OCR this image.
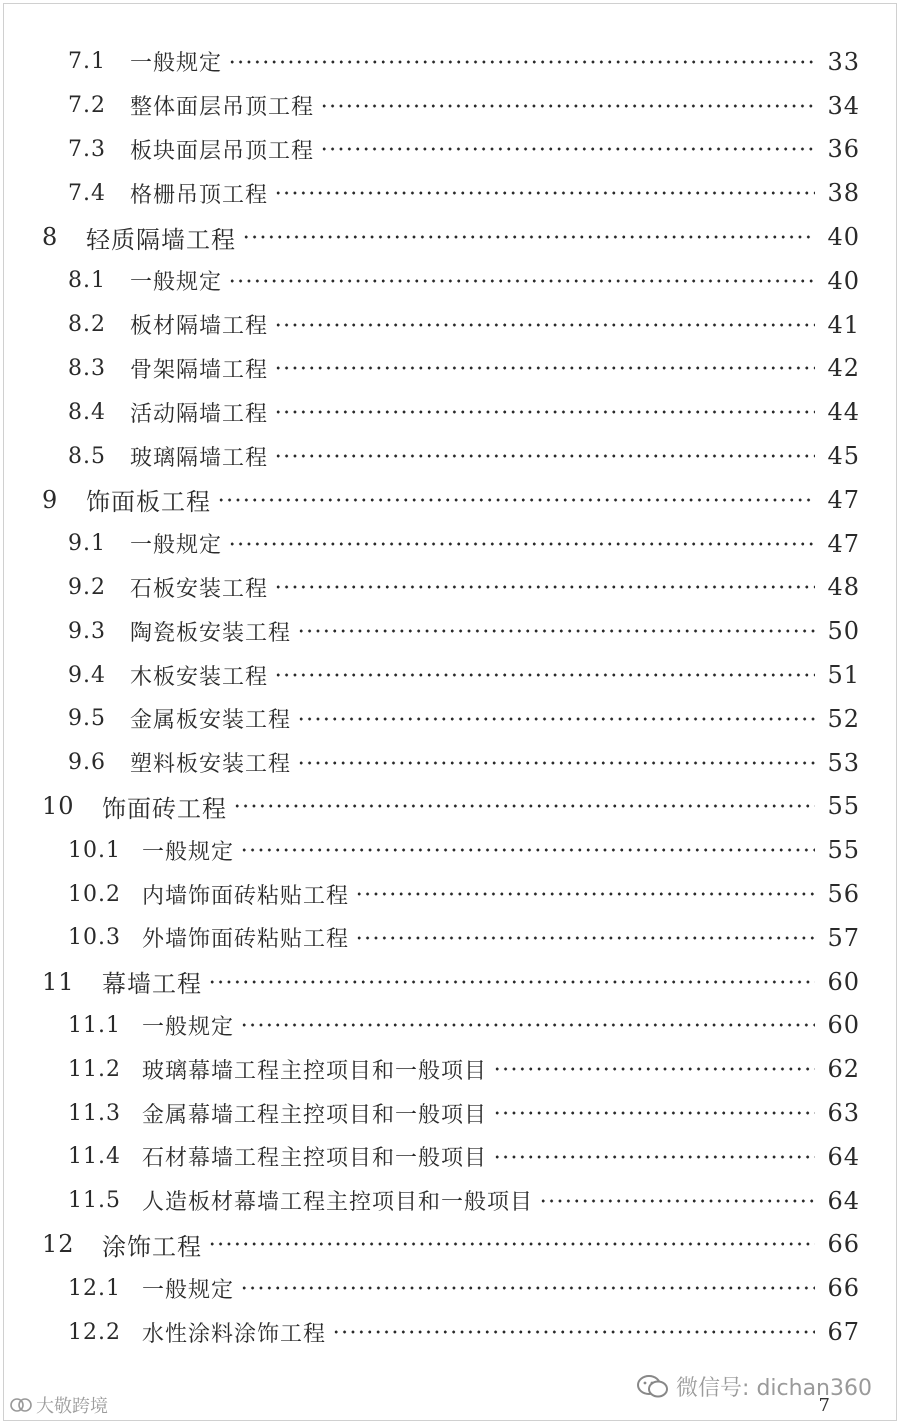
7.1 一般规定	33
7.2 整体面层吊顶工程	34
7.3 板块面层吊顶工程	36
7.4 格栅吊顶工程	38
8 轻质隔墙工程	40
8.1 一般规定	40
8.2 板材隔墙工程	41
8.3 骨架隔墙工程	42
8.4 活动隔墙工程	44
8.5 玻璃隔墙工程	45
9 饰面板工程	47
9.1 一般规定	47
9.2 石板安装工程	48
9.3 陶瓷板安装工程	50
9.4 木板安装工程	51
9.5 金属板安装工程	52
9.6 塑料板安装工程	53
10 饰面砖工程	55
10.1 一般规定	55
10.2 内墙饰面砖粘贴工程	56
10.3 外墙饰面砖粘贴工程	57
11 幕墙工程	60
11.1 一般规定	60
11.2 玻璃幕墙工程主控项目和一般项目	62
11.3 金属幕墙工程主控项目和一般项目	63
11.4 石材幕墙工程主控项目和一般项目	64
11.5 人造板材幕墙工程主控项目和一般项目	64
12 涂饰工程	66
12.1 一般规定	66
12.2 水性涂料涂饰工程	67
大敬跨境
微信号: dichan360
7
